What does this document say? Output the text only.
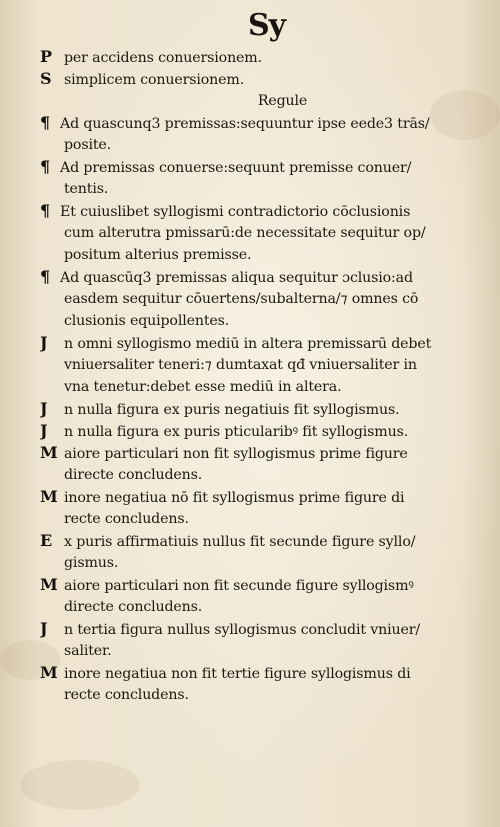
Sy
P per accidens conuersionem.
S simplicem conuersionem.
Regule
¶ Ad quascunq3 premissas:sequuntur ipse eede3 trās/
posite.
¶ Ad premissas conuerse:sequunt premisse conuer/
tentis.
¶ Et cuiuslibet syllogismi contradictorio cōclusionis
cum alterutra pmissarū:de necessitate sequitur op/
positum alterius premisse.
¶ Ad quascūq3 premissas aliqua sequitur ɔclusio:ad
easdem sequitur cōuertens/subalterna/⁊ omnes cō
clusionis equipollentes.
J n omni syllogismo mediū in altera premissarū debet
vniuersaliter teneri:⁊ dumtaxat qđ vniuersaliter in
vna tenetur:debet esse mediū in altera.
J n nulla figura ex puris negatiuis fit syllogismus.
J n nulla figura ex puris pticularibꝰ fit syllogismus.
M aiore particulari non fit syllogismus prime figure
directe concludens.
M inore negatiua nō fit syllogismus prime figure di
recte concludens.
E x puris affirmatiuis nullus fit secunde figure syllo/
gismus.
M aiore particulari non fit secunde figure syllogismꝰ
directe concludens.
J n tertia figura nullus syllogismus concludit vniuer/
saliter.
M inore negatiua non fit tertie figure syllogismus di
recte concludens.
